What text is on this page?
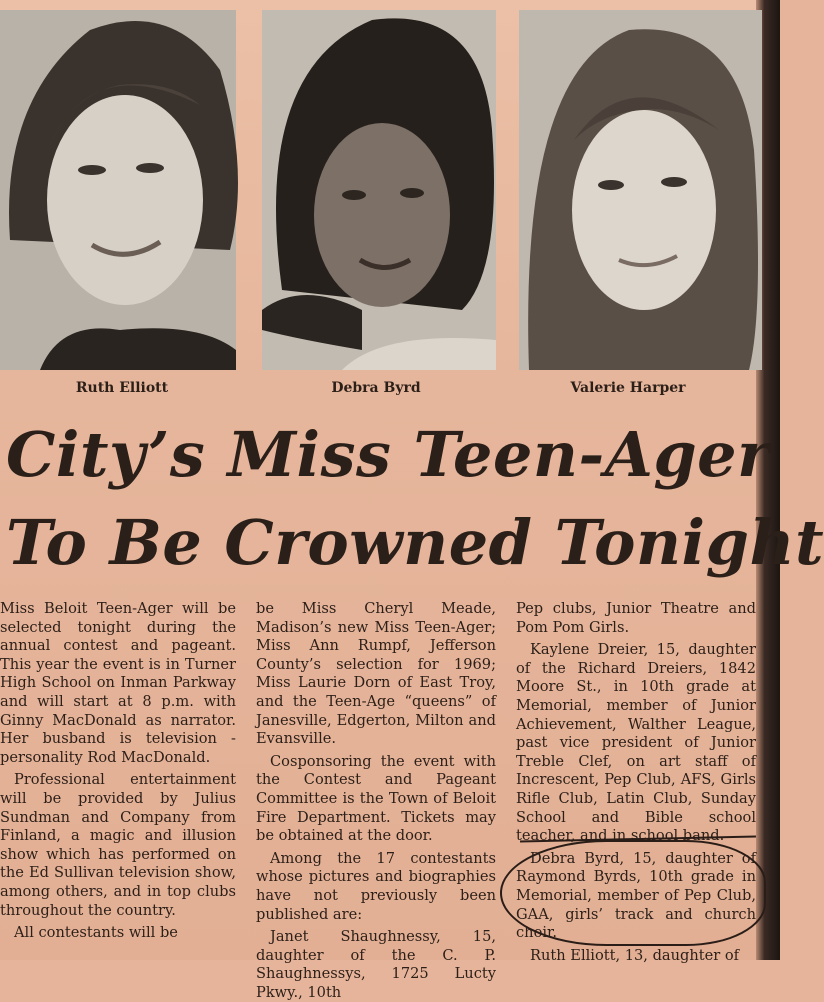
Ruth Elliott	Debra Byrd	Valerie Harper
City’s Miss Teen-Ager
To Be Crowned Tonight

Miss Beloit Teen-Ager will be selected tonight during the annual contest and pageant. This year the event is in Turner High School on Inman Parkway and will start at 8 p.m. with Ginny MacDonald as narrator. Her busband is television - personality Rod MacDonald.

Professional entertainment will be provided by Julius Sundman and Company from Finland, a magic and illusion show which has performed on the Ed Sullivan television show, among others, and in top clubs throughout the country.

All contestants will be

be Miss Cheryl Meade, Madison’s new Miss Teen-Ager; Miss Ann Rumpf, Jefferson County’s selection for 1969; Miss Laurie Dorn of East Troy, and the Teen-Age “queens” of Janesville, Edgerton, Milton and Evansville.

Cosponsoring the event with the Contest and Pageant Committee is the Town of Beloit Fire Department. Tickets may be obtained at the door.

Among the 17 contestants whose pictures and biographies have not previously been published are:

Janet Shaughnessy, 15, daughter of the C. P. Shaughnessys, 1725 Lucty Pkwy., 10th

Pep clubs, Junior Theatre and Pom Pom Girls.

Kaylene Dreier, 15, daughter of the Richard Dreiers, 1842 Moore St., in 10th grade at Memorial, member of Junior Achievement, Walther League, past vice president of Junior Treble Clef, on art staff of Increscent, Pep Club, AFS, Girls Rifle Club, Latin Club, Sunday School and Bible school teacher, and in school band.

Debra Byrd, 15, daughter of Raymond Byrds, 10th grade in Memorial, member of Pep Club, GAA, girls’ track and church choir.

Ruth Elliott, 13, daughter of
